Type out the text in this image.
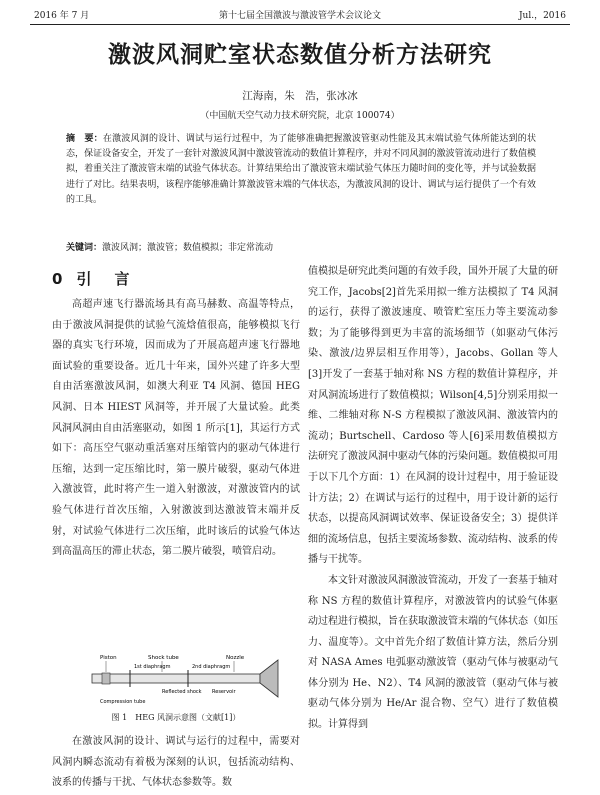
2016 年 7 月	第十七届全国激波与激波管学术会议论文	Jul.，2016
激波风洞贮室状态数值分析方法研究
江海南，朱　浩，张冰冰
（中国航天空气动力技术研究院，北京 100074）

摘　要：在激波风洞的设计、调试与运行过程中，为了能够准确把握激波管驱动性能及其末端试验气体所能达到的状态，保证设备安全，开发了一套针对激波风洞中激波管流动的数值计算程序，并对不同风洞的激波管流动进行了数值模拟，着重关注了激波管末端的试验气体状态。计算结果给出了激波管末端试验气体压力随时间的变化等，并与试验数据进行了对比。结果表明，该程序能够准确计算激波管末端的气体状态，为激波风洞的设计、调试与运行提供了一个有效的工具。

关键词：激波风洞；激波管；数值模拟；非定常流动

0 引　言

高超声速飞行器流场具有高马赫数、高温等特点，由于激波风洞提供的试验气流焓值很高，能够模拟飞行器的真实飞行环境，因而成为了开展高超声速飞行器地面试验的重要设备。近几十年来，国外兴建了许多大型自由活塞激波风洞，如澳大利亚 T4 风洞、德国 HEG 风洞、日本 HIEST 风洞等，并开展了大量试验。此类风洞风洞由自由活塞驱动，如图 1 所示[1]，其运行方式如下：高压空气驱动重活塞对压缩管内的驱动气体进行压缩，达到一定压缩比时，第一膜片破裂，驱动气体进入激波管，此时将产生一道入射激波，对激波管内的试验气体进行首次压缩，入射激波到达激波管末端并反射，对试验气体进行二次压缩，此时该后的试验气体达到高温高压的滞止状态，第二膜片破裂，喷管启动。

Piston	Shock tube	Nozzle
1st diaphragm	2nd diaphragm
Reflected shock Reservoir
Compression tube
图 1　HEG 风洞示意图（文献[1]）

在激波风洞的设计、调试与运行的过程中，需要对风洞内瞬态流动有着极为深刻的认识，包括流动结构、波系的传播与干扰、气体状态参数等。数

值模拟是研究此类问题的有效手段，国外开展了大量的研究工作，Jacobs[2]首先采用拟一维方法模拟了 T4 风洞的运行，获得了激波速度、喷管贮室压力等主要流动参数；为了能够得到更为丰富的流场细节（如驱动气体污染、激波/边界层相互作用等），Jacobs、Gollan 等人[3]开发了一套基于轴对称 NS 方程的数值计算程序，并对风洞流场进行了数值模拟；Wilson[4,5]分别采用拟一维、二维轴对称 N-S 方程模拟了激波风洞、激波管内的流动；Burtschell、Cardoso 等人[6]采用数值模拟方法研究了激波风洞中驱动气体的污染问题。数值模拟可用于以下几个方面：1）在风洞的设计过程中，用于验证设计方法；2）在调试与运行的过程中，用于设计新的运行状态，以提高风洞调试效率、保证设备安全；3）提供详细的流场信息，包括主要流场参数、流动结构、波系的传播与干扰等。

本文针对激波风洞激波管流动，开发了一套基于轴对称 NS 方程的数值计算程序，对激波管内的试验气体驱动过程进行模拟，旨在获取激波管末端的气体状态（如压力、温度等）。文中首先介绍了数值计算方法，然后分别对 NASA Ames 电弧驱动激波管（驱动气体与被驱动气体分别为 He、N2）、T4 风洞的激波管（驱动气体与被驱动气体分别为 He/Ar 混合物、空气）进行了数值模拟。计算得到
